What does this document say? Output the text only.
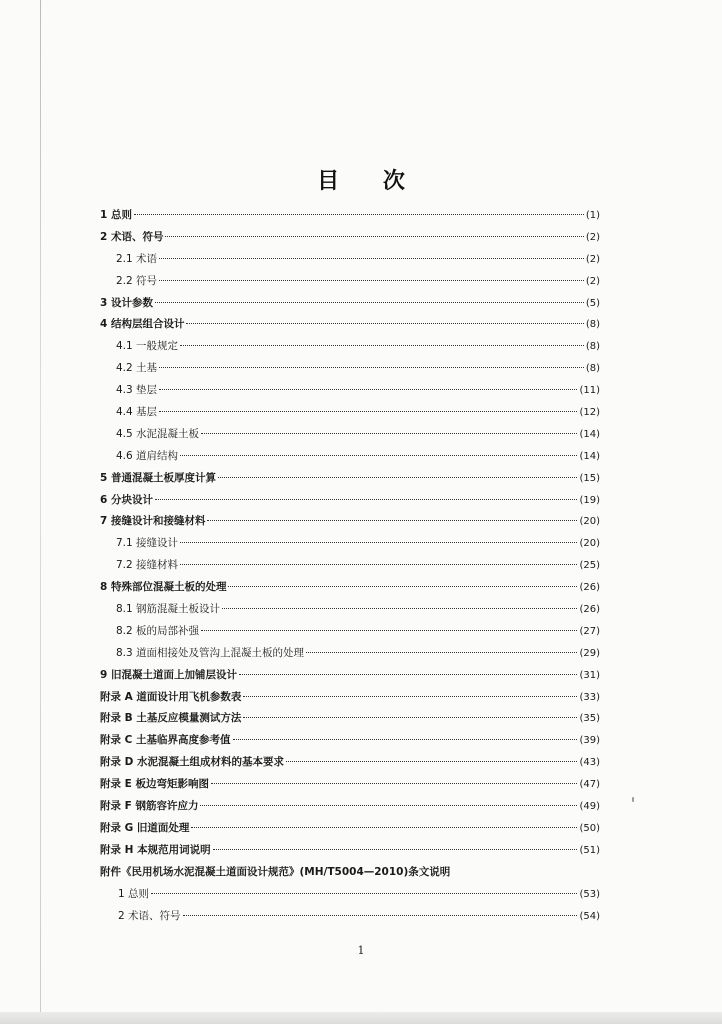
目 次
1 总则	(1)
2 术语、符号	(2)
2.1 术语	(2)
2.2 符号	(2)
3 设计参数	(5)
4 结构层组合设计	(8)
4.1 一般规定	(8)
4.2 土基	(8)
4.3 垫层	(11)
4.4 基层	(12)
4.5 水泥混凝土板	(14)
4.6 道肩结构	(14)
5 普通混凝土板厚度计算	(15)
6 分块设计	(19)
7 接缝设计和接缝材料	(20)
7.1 接缝设计	(20)
7.2 接缝材料	(25)
8 特殊部位混凝土板的处理	(26)
8.1 钢筋混凝土板设计	(26)
8.2 板的局部补强	(27)
8.3 道面相接处及管沟上混凝土板的处理	(29)
9 旧混凝土道面上加铺层设计	(31)
附录 A 道面设计用飞机参数表	(33)
附录 B 土基反应模量测试方法	(35)
附录 C 土基临界高度参考值	(39)
附录 D 水泥混凝土组成材料的基本要求	(43)
附录 E 板边弯矩影响图	(47)
附录 F 钢筋容许应力	(49)
附录 G 旧道面处理	(50)
附录 H 本规范用词说明	(51)
附件《民用机场水泥混凝土道面设计规范》(MH/T5004—2010)条文说明
1 总则	(53)
2 术语、符号	(54)
1
